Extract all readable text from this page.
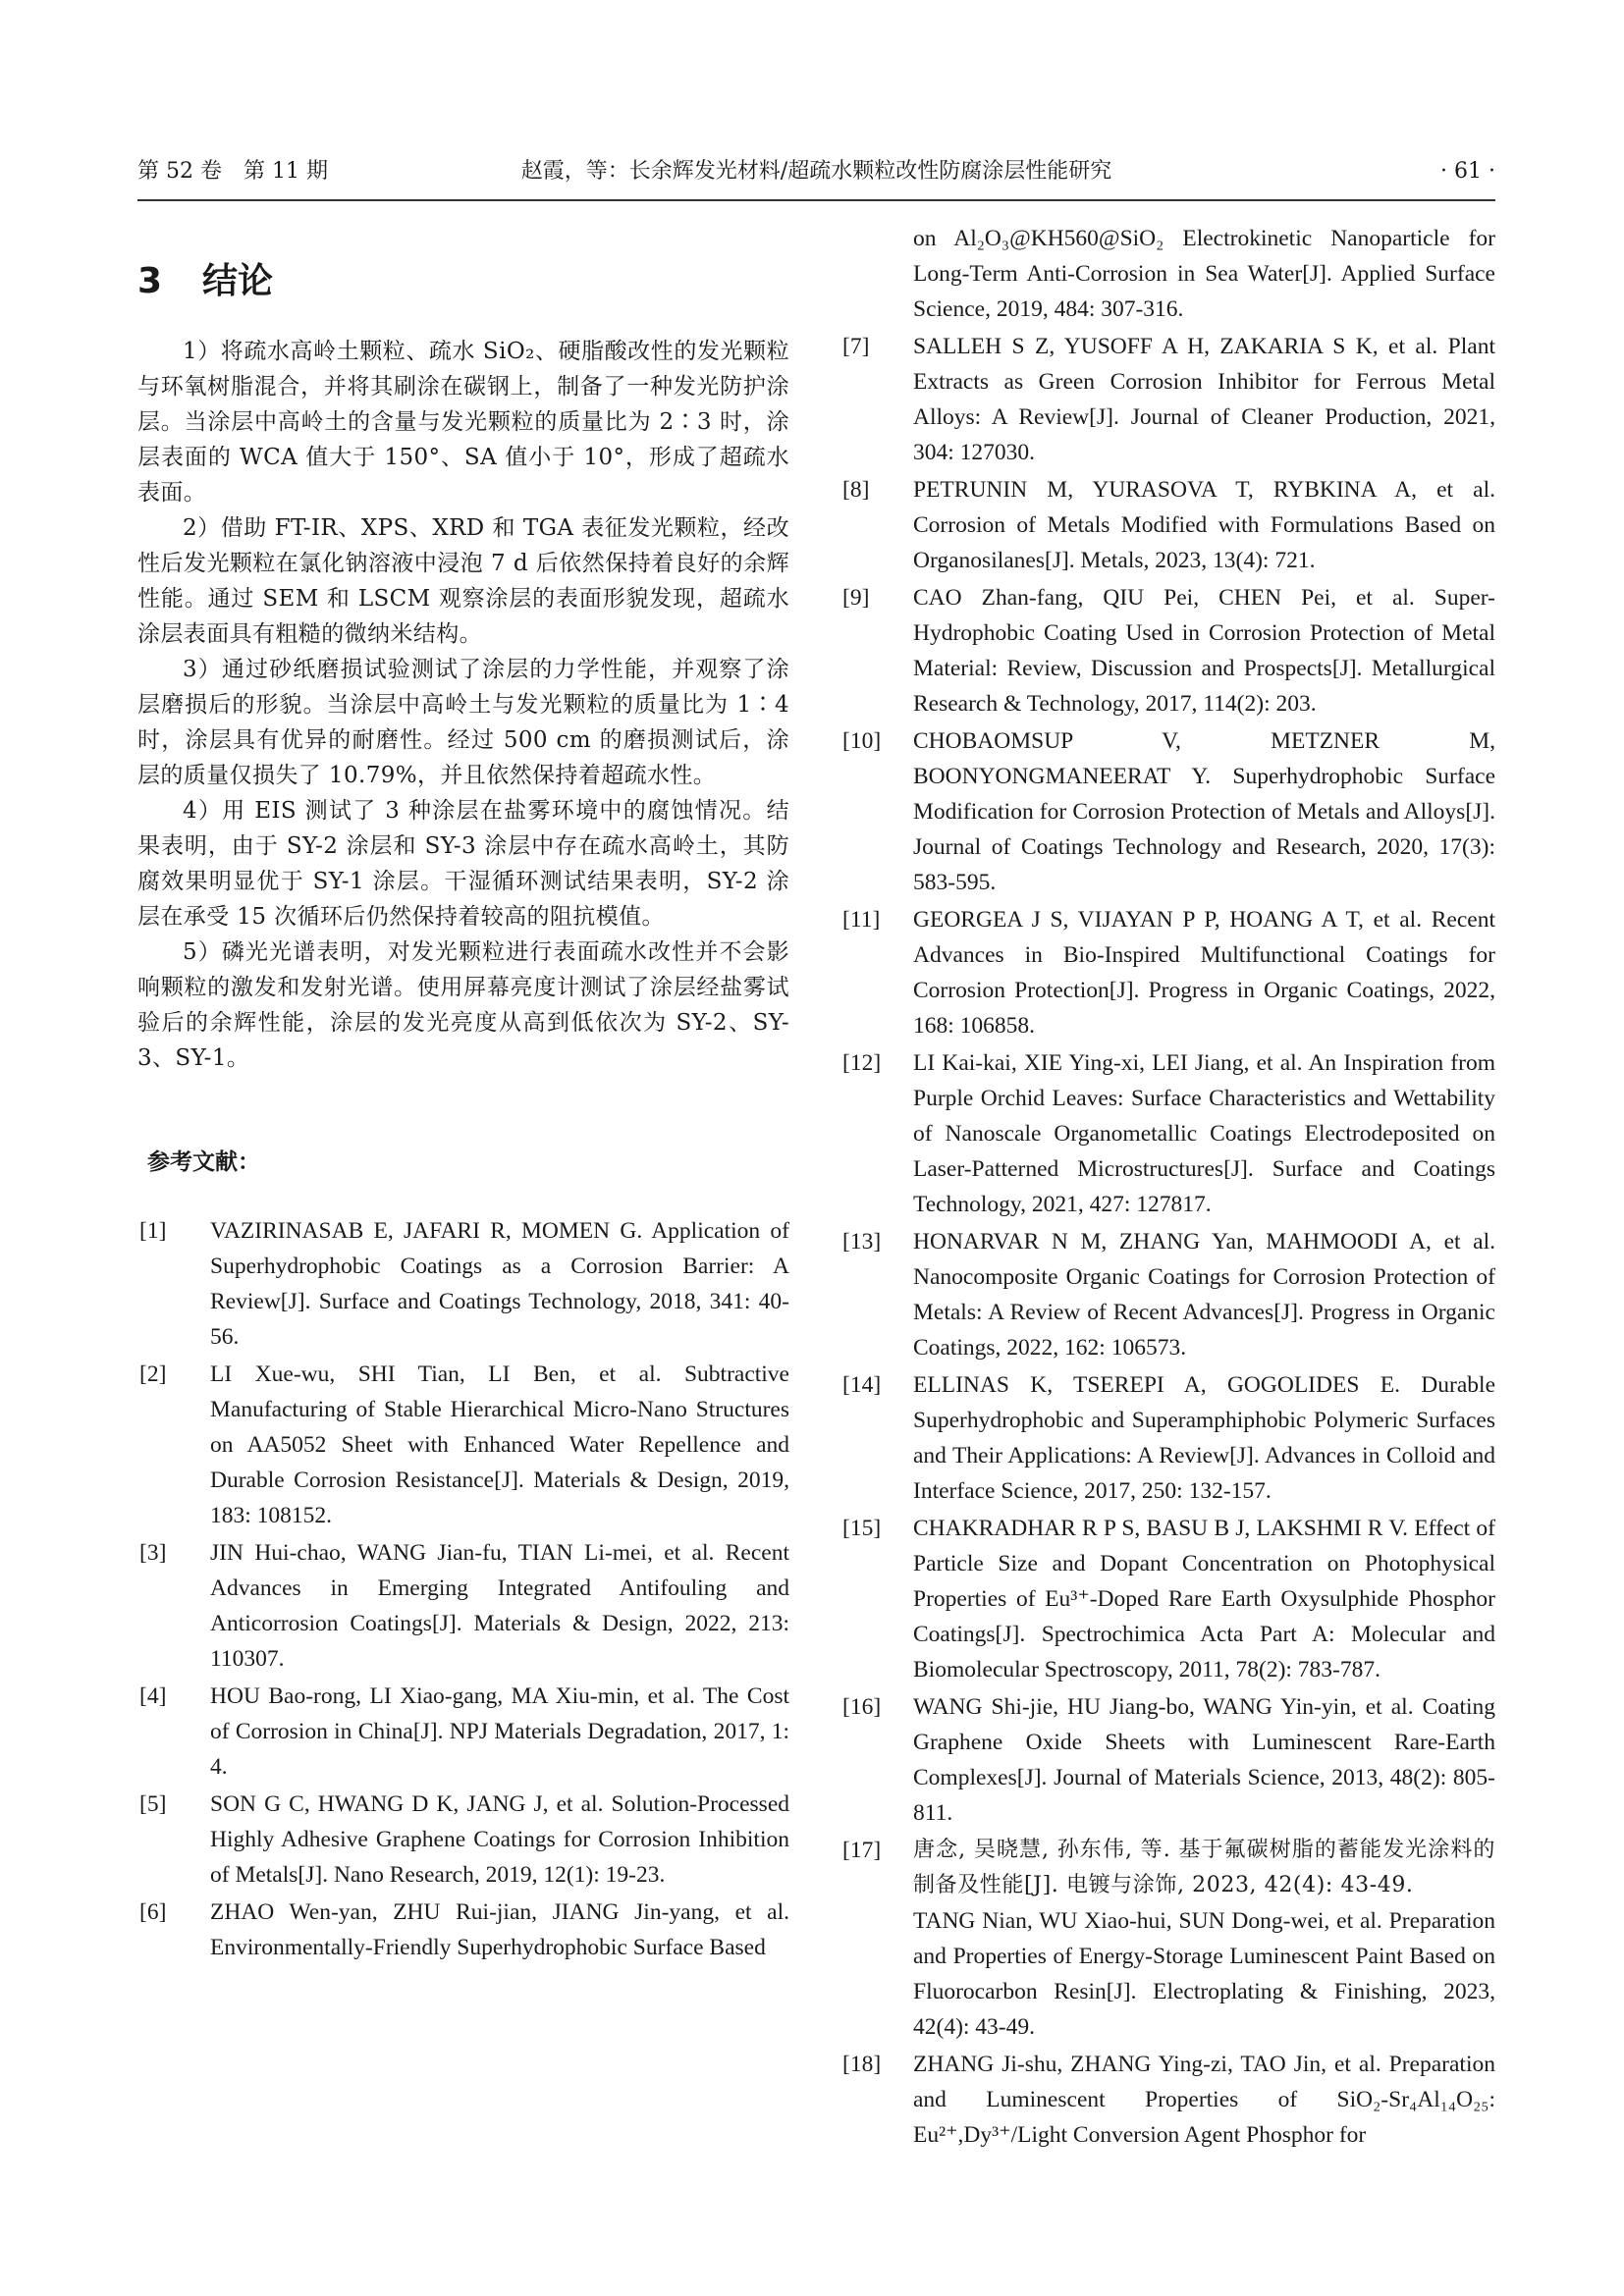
第 52 卷　第 11 期	赵霞，等：长余辉发光材料/超疏水颗粒改性防腐涂层性能研究	· 61 ·
3 结论

1）将疏水高岭土颗粒、疏水 SiO₂、硬脂酸改性的发光颗粒与环氧树脂混合，并将其刷涂在碳钢上，制备了一种发光防护涂层。当涂层中高岭土的含量与发光颗粒的质量比为 2∶3 时，涂层表面的 WCA 值大于 150°、SA 值小于 10°，形成了超疏水表面。

2）借助 FT-IR、XPS、XRD 和 TGA 表征发光颗粒，经改性后发光颗粒在氯化钠溶液中浸泡 7 d 后依然保持着良好的余辉性能。通过 SEM 和 LSCM 观察涂层的表面形貌发现，超疏水涂层表面具有粗糙的微纳米结构。

3）通过砂纸磨损试验测试了涂层的力学性能，并观察了涂层磨损后的形貌。当涂层中高岭土与发光颗粒的质量比为 1∶4 时，涂层具有优异的耐磨性。经过 500 cm 的磨损测试后，涂层的质量仅损失了 10.79%，并且依然保持着超疏水性。

4）用 EIS 测试了 3 种涂层在盐雾环境中的腐蚀情况。结果表明，由于 SY-2 涂层和 SY-3 涂层中存在疏水高岭土，其防腐效果明显优于 SY-1 涂层。干湿循环测试结果表明，SY-2 涂层在承受 15 次循环后仍然保持着较高的阻抗模值。

5）磷光光谱表明，对发光颗粒进行表面疏水改性并不会影响颗粒的激发和发射光谱。使用屏幕亮度计测试了涂层经盐雾试验后的余辉性能，涂层的发光亮度从高到低依次为 SY-2、SY-3、SY-1。

参考文献：
[1]	VAZIRINASAB E, JAFARI R, MOMEN G. Application of Superhydrophobic Coatings as a Corrosion Barrier: A Review[J]. Surface and Coatings Technology, 2018, 341: 40-56.
[2]	LI Xue-wu, SHI Tian, LI Ben, et al. Subtractive Manufacturing of Stable Hierarchical Micro-Nano Structures on AA5052 Sheet with Enhanced Water Repellence and Durable Corrosion Resistance[J]. Materials & Design, 2019, 183: 108152.
[3]	JIN Hui-chao, WANG Jian-fu, TIAN Li-mei, et al. Recent Advances in Emerging Integrated Antifouling and Anticorrosion Coatings[J]. Materials & Design, 2022, 213: 110307.
[4]	HOU Bao-rong, LI Xiao-gang, MA Xiu-min, et al. The Cost of Corrosion in China[J]. NPJ Materials Degradation, 2017, 1: 4.
[5]	SON G C, HWANG D K, JANG J, et al. Solution-Processed Highly Adhesive Graphene Coatings for Corrosion Inhibition of Metals[J]. Nano Research, 2019, 12(1): 19-23.
[6]	ZHAO Wen-yan, ZHU Rui-jian, JIANG Jin-yang, et al. Environmentally-Friendly Superhydrophobic Surface Based
on Al₂O₃@KH560@SiO₂ Electrokinetic Nanoparticle for Long-Term Anti-Corrosion in Sea Water[J]. Applied Surface Science, 2019, 484: 307-316.
[7]	SALLEH S Z, YUSOFF A H, ZAKARIA S K, et al. Plant Extracts as Green Corrosion Inhibitor for Ferrous Metal Alloys: A Review[J]. Journal of Cleaner Production, 2021, 304: 127030.
[8]	PETRUNIN M, YURASOVA T, RYBKINA A, et al. Corrosion of Metals Modified with Formulations Based on Organosilanes[J]. Metals, 2023, 13(4): 721.
[9]	CAO Zhan-fang, QIU Pei, CHEN Pei, et al. Super-Hydrophobic Coating Used in Corrosion Protection of Metal Material: Review, Discussion and Prospects[J]. Metallurgical Research & Technology, 2017, 114(2): 203.
[10]	CHOBAOMSUP V, METZNER M, BOONYONGMANEERAT Y. Superhydrophobic Surface Modification for Corrosion Protection of Metals and Alloys[J]. Journal of Coatings Technology and Research, 2020, 17(3): 583-595.
[11]	GEORGEA J S, VIJAYAN P P, HOANG A T, et al. Recent Advances in Bio-Inspired Multifunctional Coatings for Corrosion Protection[J]. Progress in Organic Coatings, 2022, 168: 106858.
[12]	LI Kai-kai, XIE Ying-xi, LEI Jiang, et al. An Inspiration from Purple Orchid Leaves: Surface Characteristics and Wettability of Nanoscale Organometallic Coatings Electrodeposited on Laser-Patterned Microstructures[J]. Surface and Coatings Technology, 2021, 427: 127817.
[13]	HONARVAR N M, ZHANG Yan, MAHMOODI A, et al. Nanocomposite Organic Coatings for Corrosion Protection of Metals: A Review of Recent Advances[J]. Progress in Organic Coatings, 2022, 162: 106573.
[14]	ELLINAS K, TSEREPI A, GOGOLIDES E. Durable Superhydrophobic and Superamphiphobic Polymeric Surfaces and Their Applications: A Review[J]. Advances in Colloid and Interface Science, 2017, 250: 132-157.
[15]	CHAKRADHAR R P S, BASU B J, LAKSHMI R V. Effect of Particle Size and Dopant Concentration on Photophysical Properties of Eu³⁺-Doped Rare Earth Oxysulphide Phosphor Coatings[J]. Spectrochimica Acta Part A: Molecular and Biomolecular Spectroscopy, 2011, 78(2): 783-787.
[16]	WANG Shi-jie, HU Jiang-bo, WANG Yin-yin, et al. Coating Graphene Oxide Sheets with Luminescent Rare-Earth Complexes[J]. Journal of Materials Science, 2013, 48(2): 805-811.
[17]	唐念, 吴晓慧, 孙东伟, 等. 基于氟碳树脂的蓄能发光涂料的制备及性能[J]. 电镀与涂饰, 2023, 42(4): 43-49.
TANG Nian, WU Xiao-hui, SUN Dong-wei, et al. Preparation and Properties of Energy-Storage Luminescent Paint Based on Fluorocarbon Resin[J]. Electroplating & Finishing, 2023, 42(4): 43-49.
[18]	ZHANG Ji-shu, ZHANG Ying-zi, TAO Jin, et al. Preparation and Luminescent Properties of SiO₂-Sr₄Al₁₄O₂₅: Eu²⁺,Dy³⁺/Light Conversion Agent Phosphor for
